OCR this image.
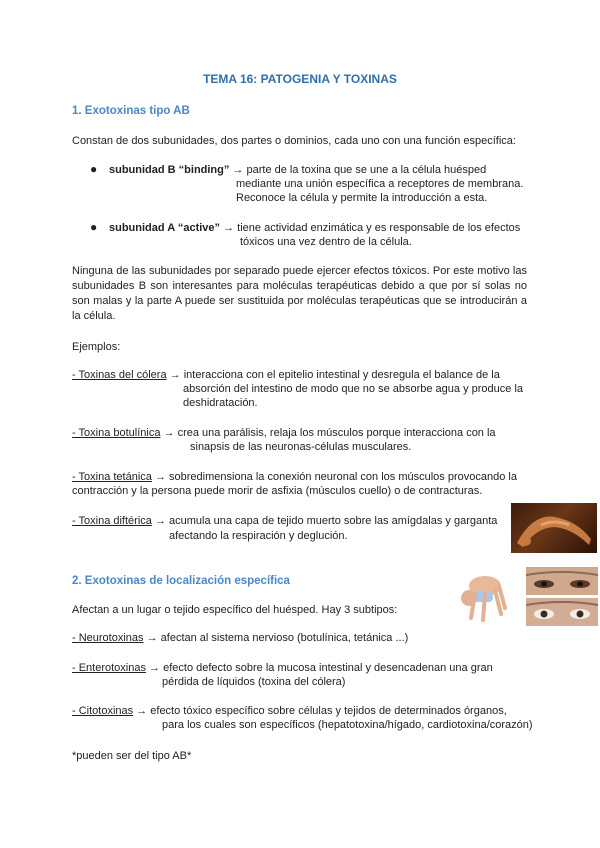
TEMA 16: PATOGENIA Y TOXINAS
1. Exotoxinas tipo AB
Constan de dos subunidades, dos partes o dominios, cada uno con una función específica:
● subunidad B “binding” → parte de la toxina que se une a la célula huésped
mediante una unión específica a receptores de membrana.
Reconoce la célula y permite la introducción a esta.
● subunidad A “active” → tiene actividad enzimática y es responsable de los efectos
tóxicos una vez dentro de la célula.
Ninguna de las subunidades por separado puede ejercer efectos tóxicos. Por este motivo las subunidades B son interesantes para moléculas terapéuticas debido a que por sí solas no son malas y la parte A puede ser sustituida por moléculas terapéuticas que se introducirán a la célula.
Ejemplos:
- Toxinas del cólera → interacciona con el epitelio intestinal y desregula el balance de la
absorción del intestino de modo que no se absorbe agua y produce la
deshidratación.
- Toxina botulínica → crea una parálisis, relaja los músculos porque interacciona con la
sinapsis de las neuronas-células musculares.
- Toxina tetánica → sobredimensiona la conexión neuronal con los músculos provocando la
contracción y la persona puede morir de asfixia (músculos cuello) o de contracturas.
- Toxina diftérica → acumula una capa de tejido muerto sobre las amígdalas y garganta
afectando la respiración y deglución.
2. Exotoxinas de localización específica
Afectan a un lugar o tejido específico del huésped. Hay 3 subtipos:
- Neurotoxinas → afectan al sistema nervioso (botulínica, tetánica ...)
- Enterotoxinas → efecto defecto sobre la mucosa intestinal y desencadenan una gran
pérdida de líquidos (toxina del cólera)
- Citotoxinas → efecto tóxico específico sobre células y tejidos de determinados órganos,
para los cuales son específicos (hepatotoxina/hígado, cardiotoxina/corazón)
*pueden ser del tipo AB*
